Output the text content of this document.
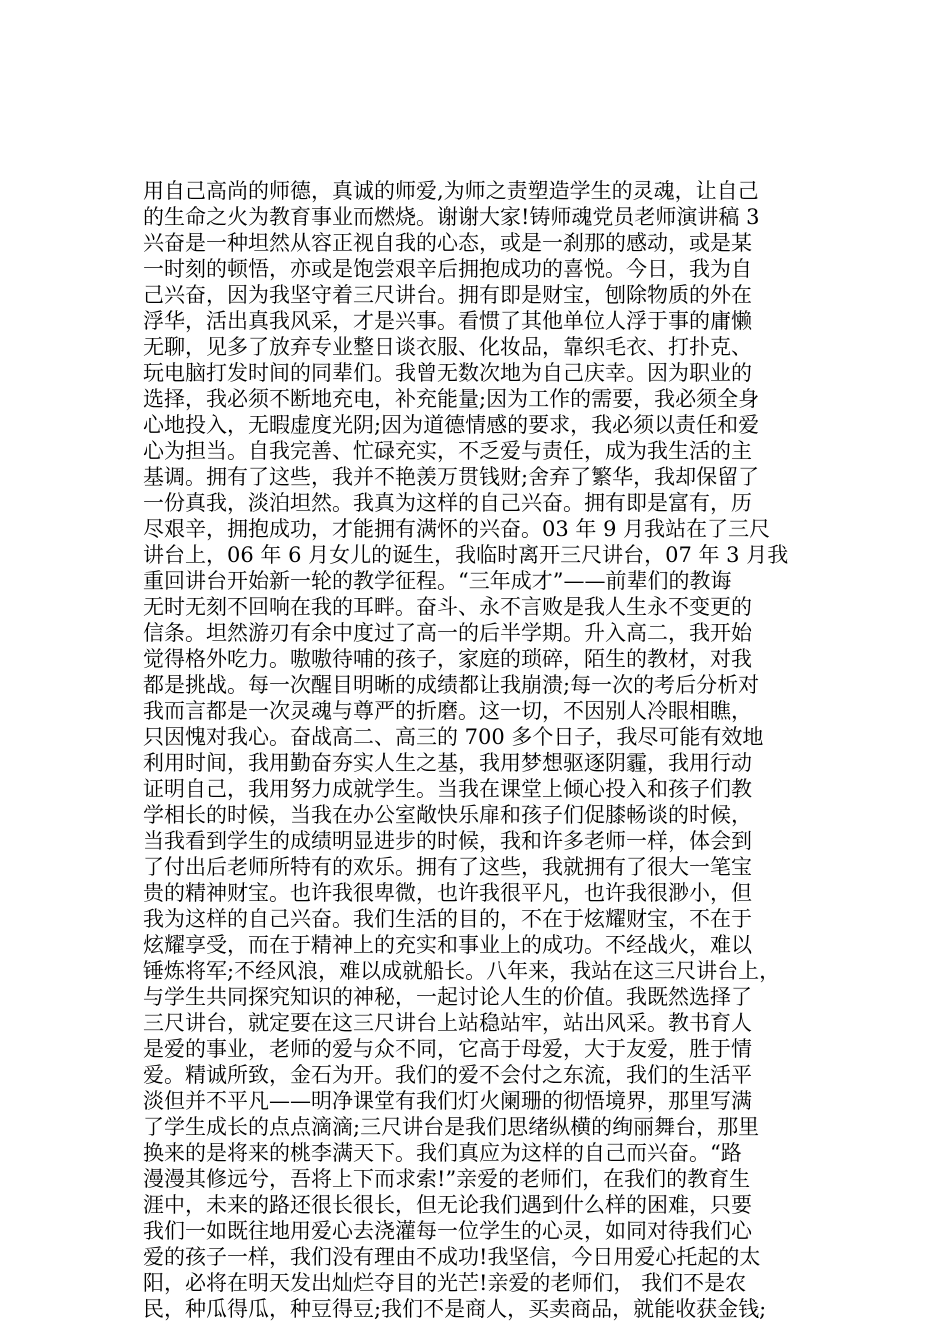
用自己高尚的师德，真诚的师爱,为师之责塑造学生的灵魂，让自己
的生命之火为教育事业而燃烧。谢谢大家!铸师魂党员老师演讲稿 3
兴奋是一种坦然从容正视自我的心态，或是一刹那的感动，或是某
一时刻的顿悟，亦或是饱尝艰辛后拥抱成功的喜悦。今日，我为自
己兴奋，因为我坚守着三尺讲台。拥有即是财宝，刨除物质的外在
浮华，活出真我风采，才是兴事。看惯了其他单位人浮于事的庸懒
无聊，见多了放弃专业整日谈衣服、化妆品，靠织毛衣、打扑克、
玩电脑打发时间的同辈们。我曾无数次地为自己庆幸。因为职业的
选择，我必须不断地充电，补充能量;因为工作的需要，我必须全身
心地投入，无暇虚度光阴;因为道德情感的要求，我必须以责任和爱
心为担当。自我完善、忙碌充实，不乏爱与责任，成为我生活的主
基调。拥有了这些，我并不艳羡万贯钱财;舍弃了繁华，我却保留了
一份真我，淡泊坦然。我真为这样的自己兴奋。拥有即是富有，历
尽艰辛，拥抱成功，才能拥有满怀的兴奋。03 年 9 月我站在了三尺
讲台上，06 年 6 月女儿的诞生，我临时离开三尺讲台，07 年 3 月我
重回讲台开始新一轮的教学征程。“三年成才”——前辈们的教诲
无时无刻不回响在我的耳畔。奋斗、永不言败是我人生永不变更的
信条。坦然游刃有余中度过了高一的后半学期。升入高二，我开始
觉得格外吃力。嗷嗷待哺的孩子，家庭的琐碎，陌生的教材，对我
都是挑战。每一次醒目明晰的成绩都让我崩溃;每一次的考后分析对
我而言都是一次灵魂与尊严的折磨。这一切，不因别人冷眼相瞧，
只因愧对我心。奋战高二、高三的 700 多个日子，我尽可能有效地
利用时间，我用勤奋夯实人生之基，我用梦想驱逐阴霾，我用行动
证明自己，我用努力成就学生。当我在课堂上倾心投入和孩子们教
学相长的时候，当我在办公室敞快乐扉和孩子们促膝畅谈的时候，
当我看到学生的成绩明显进步的时候，我和许多老师一样，体会到
了付出后老师所特有的欢乐。拥有了这些，我就拥有了很大一笔宝
贵的精神财宝。也许我很卑微，也许我很平凡，也许我很渺小，但
我为这样的自己兴奋。我们生活的目的，不在于炫耀财宝，不在于
炫耀享受，而在于精神上的充实和事业上的成功。不经战火，难以
锤炼将军;不经风浪，难以成就船长。八年来，我站在这三尺讲台上，
与学生共同探究知识的神秘，一起讨论人生的价值。我既然选择了
三尺讲台，就定要在这三尺讲台上站稳站牢，站出风采。教书育人
是爱的事业，老师的爱与众不同，它高于母爱，大于友爱，胜于情
爱。精诚所致，金石为开。我们的爱不会付之东流，我们的生活平
淡但并不平凡——明净课堂有我们灯火阑珊的彻悟境界，那里写满
了学生成长的点点滴滴;三尺讲台是我们思绪纵横的绚丽舞台，那里
换来的是将来的桃李满天下。我们真应为这样的自己而兴奋。“路
漫漫其修远兮，吾将上下而求索!”亲爱的老师们，在我们的教育生
涯中，未来的路还很长很长，但无论我们遇到什么样的困难，只要
我们一如既往地用爱心去浇灌每一位学生的心灵，如同对待我们心
爱的孩子一样，我们没有理由不成功!我坚信，今日用爱心托起的太
阳，必将在明天发出灿烂夺目的光芒!亲爱的老师们， 我们不是农
民，种瓜得瓜，种豆得豆;我们不是商人，买卖商品，就能收获金钱;
